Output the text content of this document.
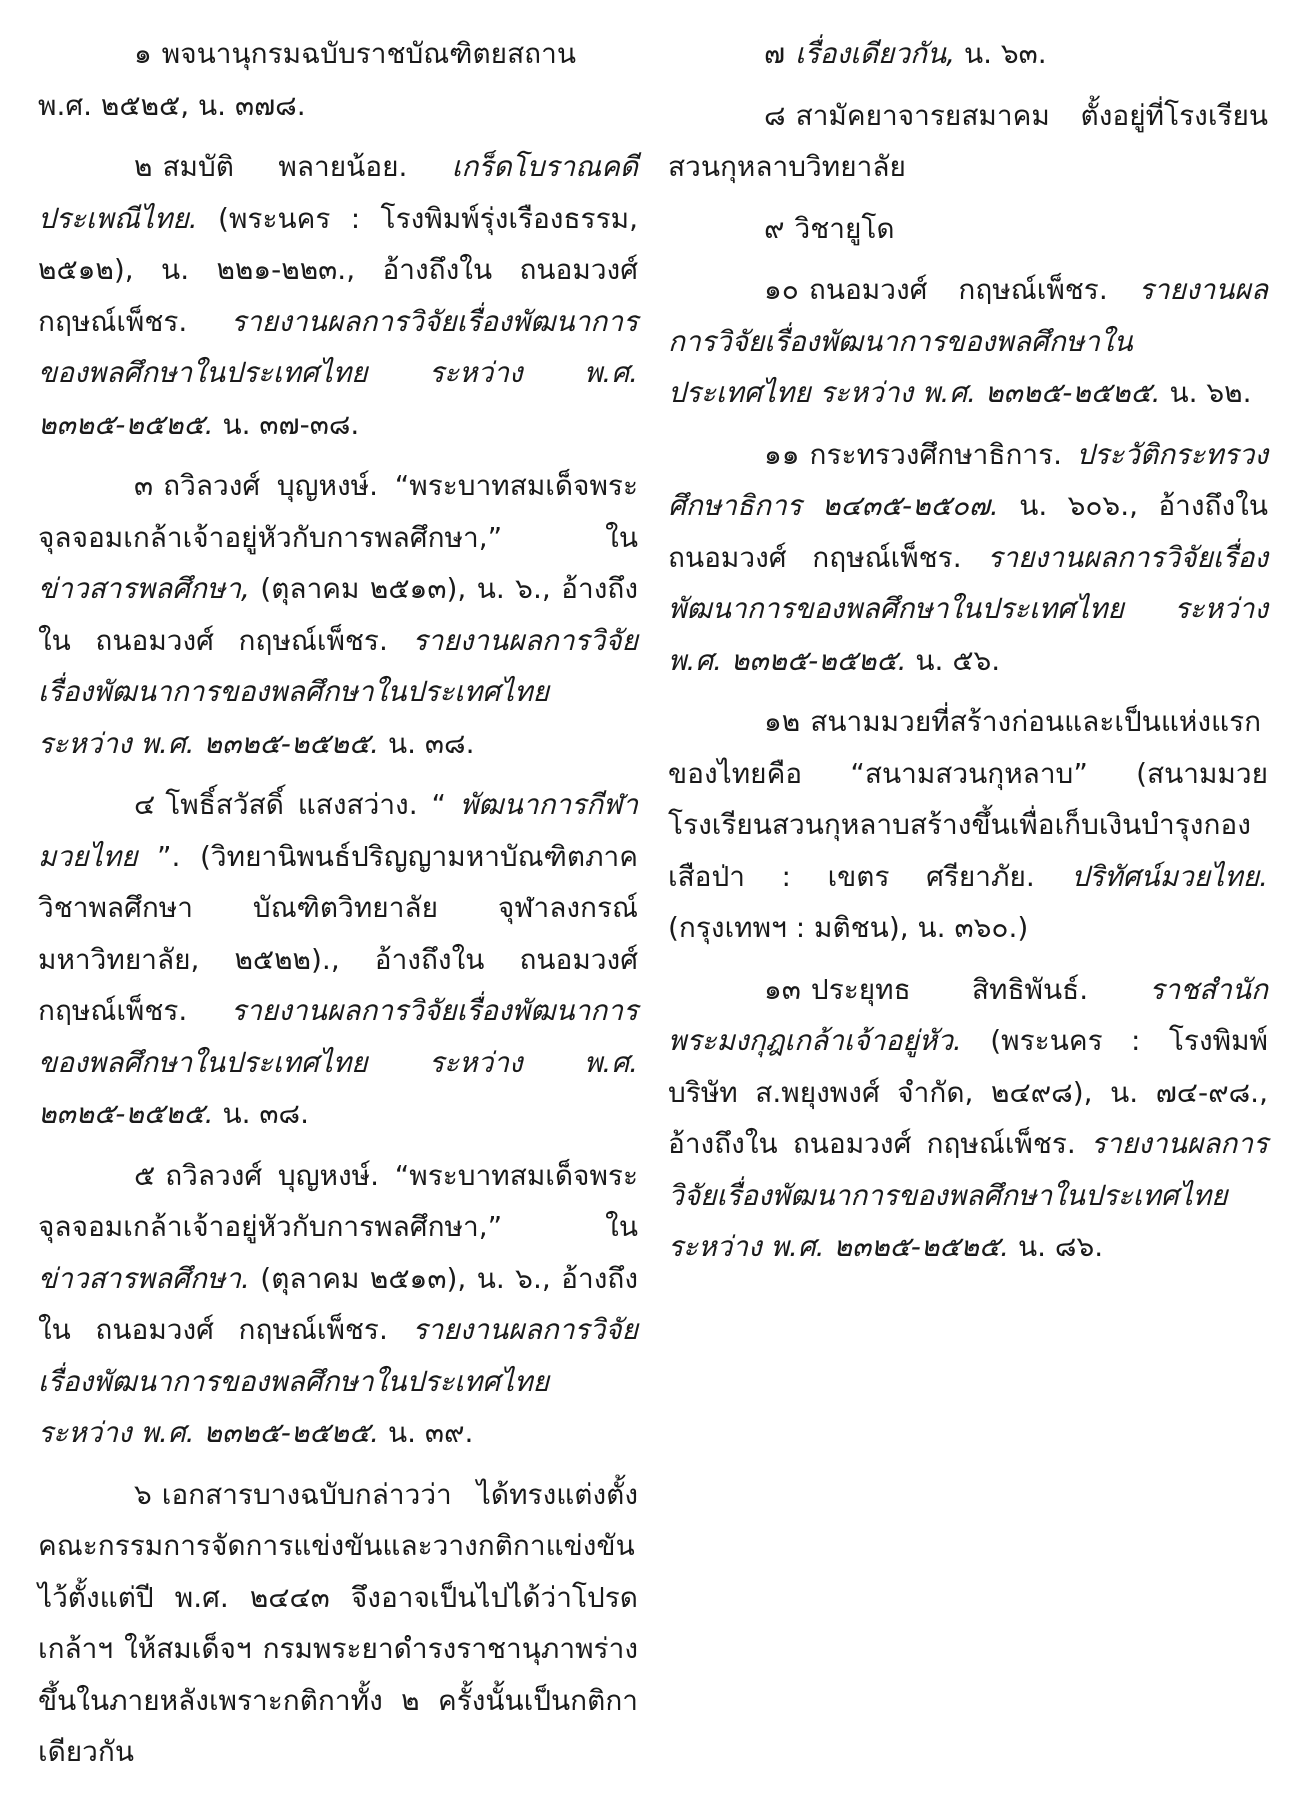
๑ พจนานุกรมฉบับราชบัณฑิตยสถาน พ.ศ. ๒๕๒๕, น. ๓๗๘.

๒ สมบัติ พลายน้อย. เกร็ดโบราณคดีประเพณีไทย. (พระนคร : โรงพิมพ์รุ่งเรืองธรรม, ๒๕๑๒), น. ๒๒๑-๒๒๓., อ้างถึงใน ถนอมวงศ์ กฤษณ์เพ็ชร. รายงานผลการวิจัยเรื่องพัฒนาการของพลศึกษาในประเทศไทย ระหว่าง พ.ศ. ๒๓๒๕-๒๕๒๕. น. ๓๗-๓๘.

๓ ถวิลวงศ์ บุญหงษ์. “พระบาทสมเด็จพระจุลจอมเกล้าเจ้าอยู่หัวกับการพลศึกษา,” ใน ข่าวสารพลศึกษา, (ตุลาคม ๒๕๑๓), น. ๖., อ้างถึงใน ถนอมวงศ์ กฤษณ์เพ็ชร. รายงานผลการวิจัยเรื่องพัฒนาการของพลศึกษาในประเทศไทย ระหว่าง พ.ศ. ๒๓๒๕-๒๕๒๕. น. ๓๘.

๔ โพธิ์สวัสดิ์ แสงสว่าง. “ พัฒนาการกีฬามวยไทย ”. (วิทยานิพนธ์ปริญญามหาบัณฑิตภาควิชาพลศึกษา บัณฑิตวิทยาลัย จุฬาลงกรณ์มหาวิทยาลัย, ๒๕๒๒)., อ้างถึงใน ถนอมวงศ์ กฤษณ์เพ็ชร. รายงานผลการวิจัยเรื่องพัฒนาการของพลศึกษาในประเทศไทย ระหว่าง พ.ศ. ๒๓๒๕-๒๕๒๕. น. ๓๘.

๕ ถวิลวงศ์ บุญหงษ์. “พระบาทสมเด็จพระจุลจอมเกล้าเจ้าอยู่หัวกับการพลศึกษา,” ใน ข่าวสารพลศึกษา. (ตุลาคม ๒๕๑๓), น. ๖., อ้างถึงใน ถนอมวงศ์ กฤษณ์เพ็ชร. รายงานผลการวิจัยเรื่องพัฒนาการของพลศึกษาในประเทศไทย ระหว่าง พ.ศ. ๒๓๒๕-๒๕๒๕. น. ๓๙.

๖ เอกสารบางฉบับกล่าวว่า ได้ทรงแต่งตั้งคณะกรรมการจัดการแข่งขันและวางกติกาแข่งขันไว้ตั้งแต่ปี พ.ศ. ๒๔๔๓ จึงอาจเป็นไปได้ว่าโปรดเกล้าฯ ให้สมเด็จฯ กรมพระยาดำรงราชานุภาพร่างขึ้นในภายหลังเพราะกติกาทั้ง ๒ ครั้งนั้นเป็นกติกาเดียวกัน

๗ เรื่องเดียวกัน, น. ๖๓.

๘ สามัคยาจารยสมาคม ตั้งอยู่ที่โรงเรียนสวนกุหลาบวิทยาลัย

๙ วิชายูโด

๑๐ ถนอมวงศ์ กฤษณ์เพ็ชร. รายงานผลการวิจัยเรื่องพัฒนาการของพลศึกษาในประเทศไทย ระหว่าง พ.ศ. ๒๓๒๕-๒๕๒๕. น. ๖๒.

๑๑ กระทรวงศึกษาธิการ. ประวัติกระทรวงศึกษาธิการ ๒๔๓๕-๒๕๐๗. น. ๖๐๖., อ้างถึงใน ถนอมวงศ์ กฤษณ์เพ็ชร. รายงานผลการวิจัยเรื่องพัฒนาการของพลศึกษาในประเทศไทย ระหว่าง พ.ศ. ๒๓๒๕-๒๕๒๕. น. ๕๖.

๑๒ สนามมวยที่สร้างก่อนและเป็นแห่งแรกของไทยคือ “สนามสวนกุหลาบ” (สนามมวยโรงเรียนสวนกุหลาบสร้างขึ้นเพื่อเก็บเงินบำรุงกองเสือป่า : เขตร ศรียาภัย. ปริทัศน์มวยไทย. (กรุงเทพฯ : มติชน), น. ๓๖๐.)

๑๓ ประยุทธ สิทธิพันธ์. ราชสำนักพระมงกุฎเกล้าเจ้าอยู่หัว. (พระนคร : โรงพิมพ์บริษัท ส.พยุงพงศ์ จำกัด, ๒๔๙๘), น. ๗๔-๙๘., อ้างถึงใน ถนอมวงศ์ กฤษณ์เพ็ชร. รายงานผลการวิจัยเรื่องพัฒนาการของพลศึกษาในประเทศไทย ระหว่าง พ.ศ. ๒๓๒๕-๒๕๒๕. น. ๘๖.
